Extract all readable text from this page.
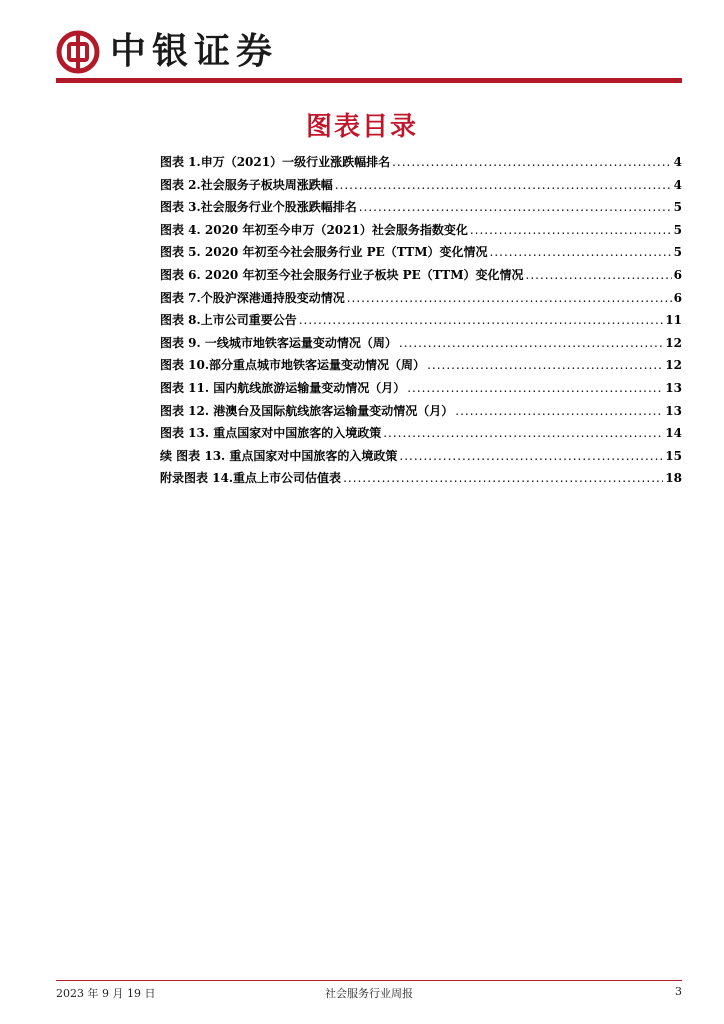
中银证券
图表目录
图表 1.申万（2021）一级行业涨跌幅排名 .....	4
图表 2.社会服务子板块周涨跌幅 .....	4
图表 3.社会服务行业个股涨跌幅排名 .....	5
图表 4. 2020 年初至今申万（2021）社会服务指数变化 .....	5
图表 5. 2020 年初至今社会服务行业 PE（TTM）变化情况 .....	5
图表 6. 2020 年初至今社会服务行业子板块 PE（TTM）变化情况 .....	6
图表 7.个股沪深港通持股变动情况 .....	6
图表 8.上市公司重要公告 .....	11
图表 9. 一线城市地铁客运量变动情况（周） .....	12
图表 10.部分重点城市地铁客运量变动情况（周） .....	12
图表 11. 国内航线旅游运输量变动情况（月） .....	13
图表 12. 港澳台及国际航线旅客运输量变动情况（月） .....	13
图表 13. 重点国家对中国旅客的入境政策 .....	14
续 图表 13. 重点国家对中国旅客的入境政策 .....	15
附录图表 14.重点上市公司估值表 .....	18
2023 年 9 月 19 日	社会服务行业周报	3
